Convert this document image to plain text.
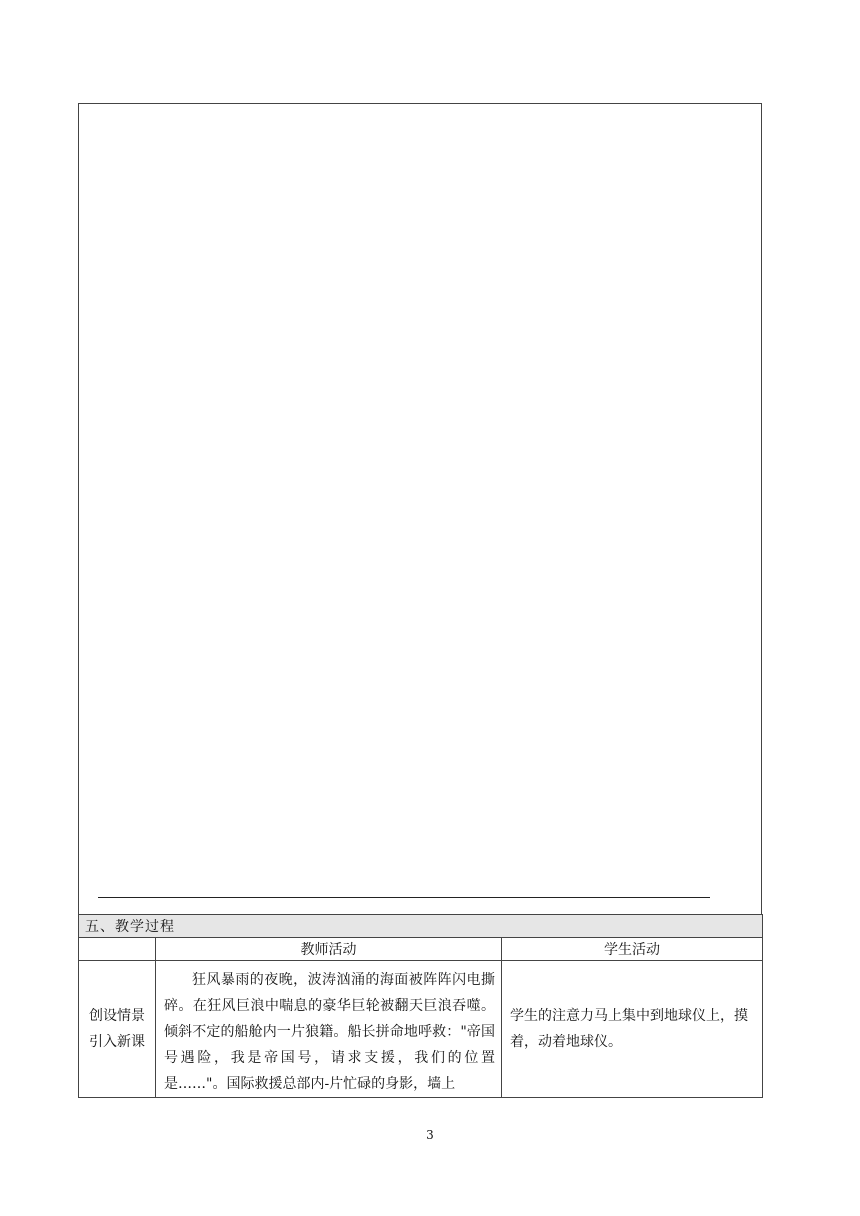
五、教学过程		
	教师活动	学生活动

创设情景
引入新课	狂风暴雨的夜晚，波涛汹涌的海面被阵阵闪电撕碎。在狂风巨浪中喘息的豪华巨轮被翻天巨浪吞噬。倾斜不定的船舱内一片狼籍。船长拼命地呼救："帝国号遇险，我是帝国号，请求支援，我们的位置是……"。国际救援总部内-片忙碌的身影，墙上	学生的注意力马上集中到地球仪上，摸着，动着地球仪。
3
